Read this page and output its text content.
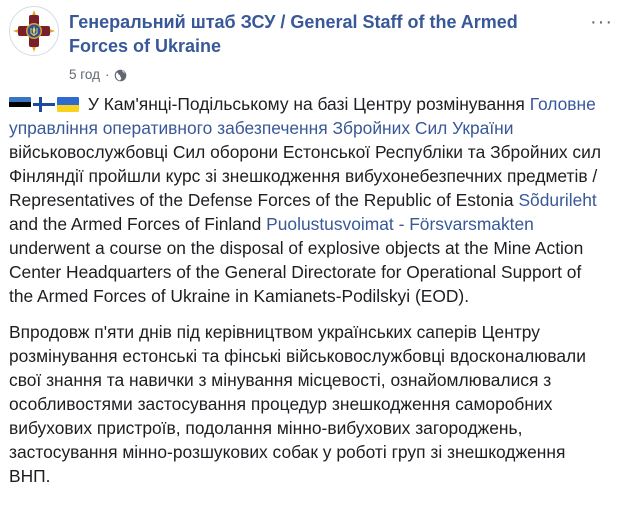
Генеральний штаб ЗСУ / General Staff of the Armed Forces of Ukraine
5 год ·
···

У Кам'янці-Подільському на базі Центру розмінування Головне управління оперативного забезпечення Збройних Сил України військовослужбовці Сил оборони Естонської Республіки та Збройних сил Фінляндії пройшли курс зі знешкодження вибухонебезпечних предметів / Representatives of the Defense Forces of the Republic of Estonia Sõdurileht and the Armed Forces of Finland Puolustusvoimat - Försvarsmakten underwent a course on the disposal of explosive objects at the Mine Action Center Headquarters of the General Directorate for Operational Support of the Armed Forces of Ukraine in Kamianets-Podilskyi (EOD).

Впродовж п'яти днів під керівництвом українських саперів Центру розмінування естонські та фінські військовослужбовці вдосконалювали свої знання та навички з мінування місцевості, ознайомлювалися з особливостями застосування процедур знешкодження саморобних вибухових пристроїв, подолання мінно-вибухових загороджень, застосування мінно-розшукових собак у роботі груп зі знешкодження ВНП.
